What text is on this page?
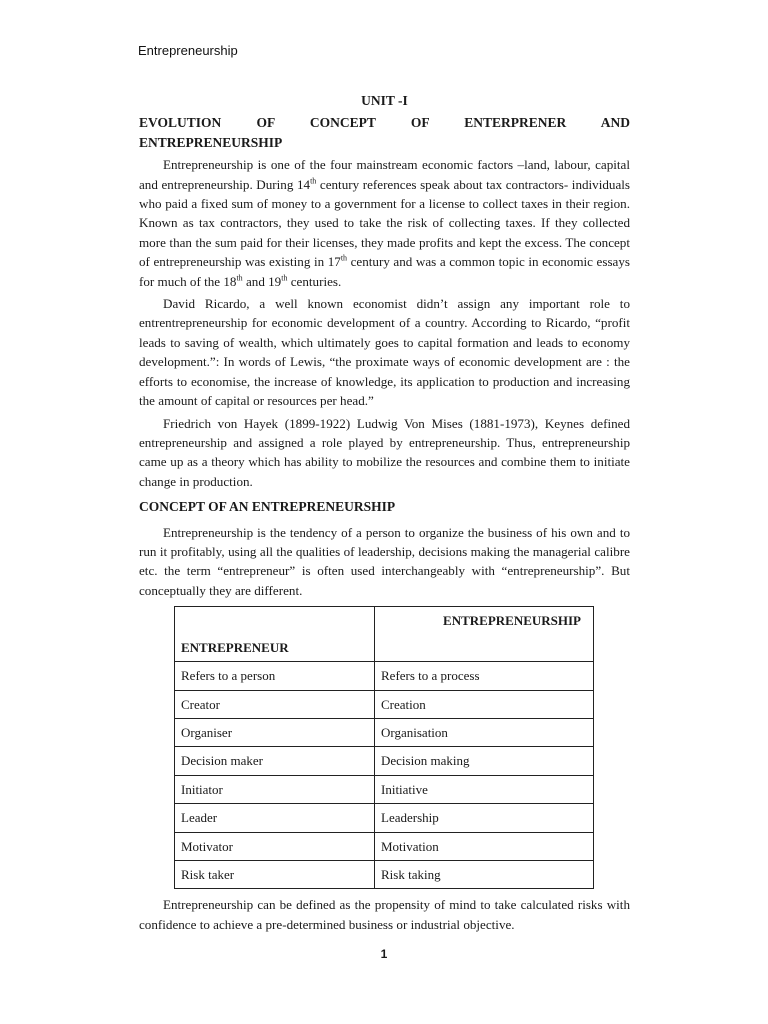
Entrepreneurship
UNIT -I
EVOLUTION OF CONCEPT OF ENTERPRENER AND
ENTREPRENEURSHIP

Entrepreneurship is one of the four mainstream economic factors –land, labour, capital and entrepreneurship. During 14th century references speak about tax contractors- individuals who paid a fixed sum of money to a government for a license to collect taxes in their region. Known as tax contractors, they used to take the risk of collecting taxes. If they collected more than the sum paid for their licenses, they made profits and kept the excess. The concept of entrepreneurship was existing in 17th century and was a common topic in economic essays for much of the 18th and 19th centuries.

David Ricardo, a well known economist didn’t assign any important role to entrentrepreneurship for economic development of a country. According to Ricardo, “profit leads to saving of wealth, which ultimately goes to capital formation and leads to economy development.”: In words of Lewis, “the proximate ways of economic development are : the efforts to economise, the increase of knowledge, its application to production and increasing the amount of capital or resources per head.”

Friedrich von Hayek (1899-1922) Ludwig Von Mises (1881-1973), Keynes defined entrepreneurship and assigned a role played by entrepreneurship. Thus, entrepreneurship came up as a theory which has ability to mobilize the resources and combine them to initiate change in production.

CONCEPT OF AN ENTREPRENEURSHIP

Entrepreneurship is the tendency of a person to organize the business of his own and to run it profitably, using all the qualities of leadership, decisions making the managerial calibre etc. the term “entrepreneur” is often used interchangeably with “entrepreneurship”. But conceptually they are different.

ENTREPRENEUR	ENTREPRENEURSHIP
Refers to a person	Refers to a process
Creator	Creation
Organiser	Organisation
Decision maker	Decision making
Initiator	Initiative
Leader	Leadership
Motivator	Motivation
Risk taker	Risk taking

Entrepreneurship can be defined as the propensity of mind to take calculated risks with confidence to achieve a pre-determined business or industrial objective.

1
